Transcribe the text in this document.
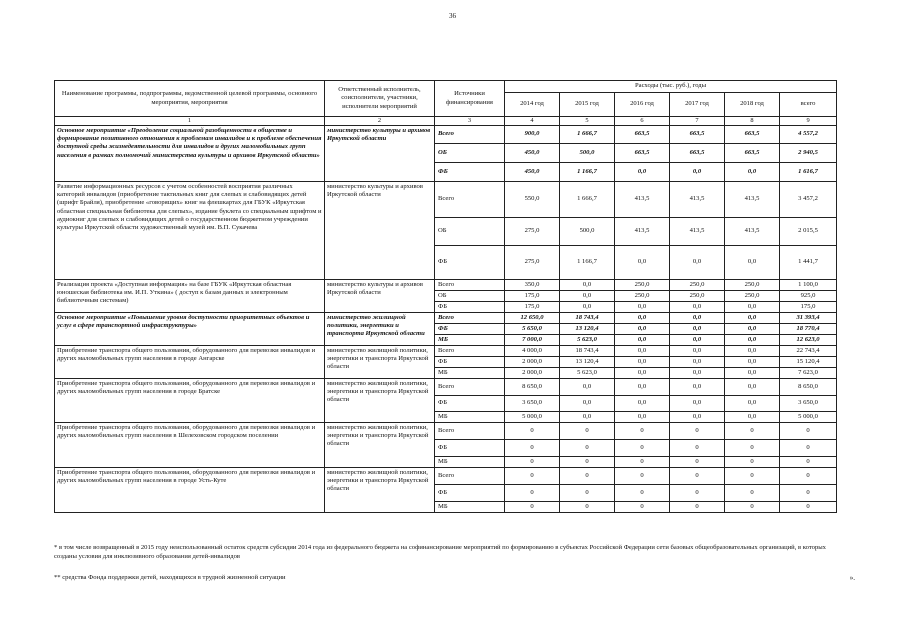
36
Наименование программы, подпрограммы, ведомственной целевой программы, основного мероприятия, мероприятия	Ответственный исполнитель, соисполнители, участники, исполнители мероприятий	Источники финансирования	Расходы (тыс. руб.), годы					
			2014 год	2015 год	2016 год	2017 год	2018 год	всего
1	2	3	4	5	6	7	8	9
Основное мероприятие «Преодоление социальной разобщенности в обществе и формирование позитивного отношения к проблемам инвалидов и к проблеме обеспечения доступной среды жизнедеятельности для инвалидов и других маломобильных групп населения в рамках полномочий министерства культуры и архивов Иркутской области»	министерство культуры и архивов Иркутской области	Всего	900,0	1 666,7	663,5	663,5	663,5	4 557,2
		ОБ	450,0	500,0	663,5	663,5	663,5	2 940,5
		ФБ	450,0	1 166,7	0,0	0,0	0,0	1 616,7
Развитие информационных ресурсов с учетом особенностей восприятия различных категорий инвалидов (приобретение тактильных книг для слепых и слабовидящих детей (шрифт Брайля), приобретение «говорящих» книг на флешкартах для ГБУК «Иркутская областная специальная библиотека для слепых», издание буклета со специальным шрифтом и аудиокниг для слепых и слабовидящих детей о государственном бюджетном учреждении культуры Иркутской области художественный музей им. В.П. Сукачева	министерство культуры и архивов Иркутской области	Всего	550,0	1 666,7	413,5	413,5	413,5	3 457,2
		ОБ	275,0	500,0	413,5	413,5	413,5	2 015,5
		ФБ	275,0	1 166,7	0,0	0,0	0,0	1 441,7
Реализация проекта «Доступная информация» на базе ГБУК «Иркутская областная юношеская библиотека им. И.П. Уткина» ( доступ к базам данных и электронным библиотечным системам)	министерство культуры и архивов Иркутской области	Всего	350,0	0,0	250,0	250,0	250,0	1 100,0
		ОБ	175,0	0,0	250,0	250,0	250,0	925,0
		ФБ	175,0	0,0	0,0	0,0	0,0	175,0
Основное мероприятие «Повышение уровня доступности приоритетных объектов и услуг в сфере транспортной инфраструктуры»	министерство жилищной политики, энергетики и транспорта Иркутской области	Всего	12 650,0	18 743,4	0,0	0,0	0,0	31 393,4
		ФБ	5 650,0	13 120,4	0,0	0,0	0,0	18 770,4
		МБ	7 000,0	5 623,0	0,0	0,0	0,0	12 623,0
Приобретение транспорта общего пользования, оборудованного для перевозки инвалидов и других маломобильных групп населения в городе Ангарске	министерство жилищной политики, энергетики и транспорта Иркутской области	Всего	4 000,0	18 743,4	0,0	0,0	0,0	22 743,4
		ФБ	2 000,0	13 120,4	0,0	0,0	0,0	15 120,4
		МБ	2 000,0	5 623,0	0,0	0,0	0,0	7 623,0
Приобретение транспорта общего пользования, оборудованного для перевозки инвалидов и других маломобильных групп населения в городе Братске	министерство жилищной политики, энергетики и транспорта Иркутской области	Всего	8 650,0	0,0	0,0	0,0	0,0	8 650,0
		ФБ	3 650,0	0,0	0,0	0,0	0,0	3 650,0
		МБ	5 000,0	0,0	0,0	0,0	0,0	5 000,0
Приобретение транспорта общего пользования, оборудованного для перевозки инвалидов и других маломобильных групп населения в Шелеховском городском поселении	министерство жилищной политики, энергетики и транспорта Иркутской области	Всего	0	0	0	0	0	0
		ФБ	0	0	0	0	0	0
		МБ	0	0	0	0	0	0
Приобретение транспорта общего пользования, оборудованного для перевозки инвалидов и других маломобильных групп населения в городе Усть-Куте	министерство жилищной политики, энергетики и транспорта Иркутской области	Всего	0	0	0	0	0	0
		ФБ	0	0	0	0	0	0
		МБ	0	0	0	0	0	0
* в том числе возвращенный в 2015 году неиспользованный остаток средств субсидии 2014 года из федерального бюджета на софинансирование мероприятий по формированию в субъектах Российской Федерации сети базовых общеобразовательных организаций, в которых созданы условия для инклюзивного образования детей-инвалидов
** средства Фонда поддержки детей, находящихся в трудной жизненной ситуации	».
